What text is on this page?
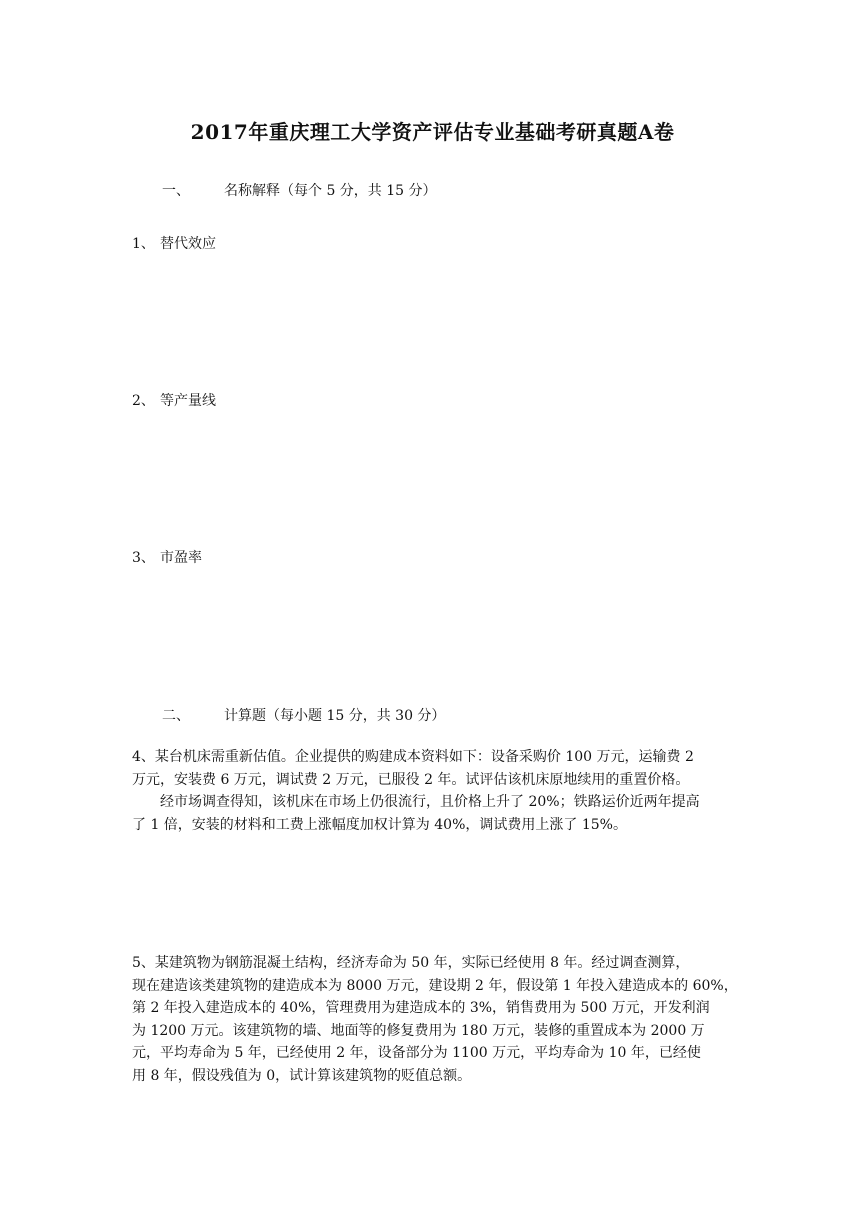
2017年重庆理工大学资产评估专业基础考研真题A卷
一、 名称解释（每个 5 分，共 15 分）
1、 替代效应
2、 等产量线
3、 市盈率
二、 计算题（每小题 15 分，共 30 分）
4、某台机床需重新估值。企业提供的购建成本资料如下：设备采购价 100 万元，运输费 2
万元，安装费 6 万元，调试费 2 万元，已服役 2 年。试评估该机床原地续用的重置价格。
经市场调查得知，该机床在市场上仍很流行，且价格上升了 20%；铁路运价近两年提高
了 1 倍，安装的材料和工费上涨幅度加权计算为 40%，调试费用上涨了 15%。
5、某建筑物为钢筋混凝土结构，经济寿命为 50 年，实际已经使用 8 年。经过调查测算，
现在建造该类建筑物的建造成本为 8000 万元，建设期 2 年，假设第 1 年投入建造成本的 60%，
第 2 年投入建造成本的 40%，管理费用为建造成本的 3%，销售费用为 500 万元，开发利润
为 1200 万元。该建筑物的墙、地面等的修复费用为 180 万元，装修的重置成本为 2000 万
元，平均寿命为 5 年，已经使用 2 年，设备部分为 1100 万元，平均寿命为 10 年，已经使
用 8 年，假设残值为 0，试计算该建筑物的贬值总额。
